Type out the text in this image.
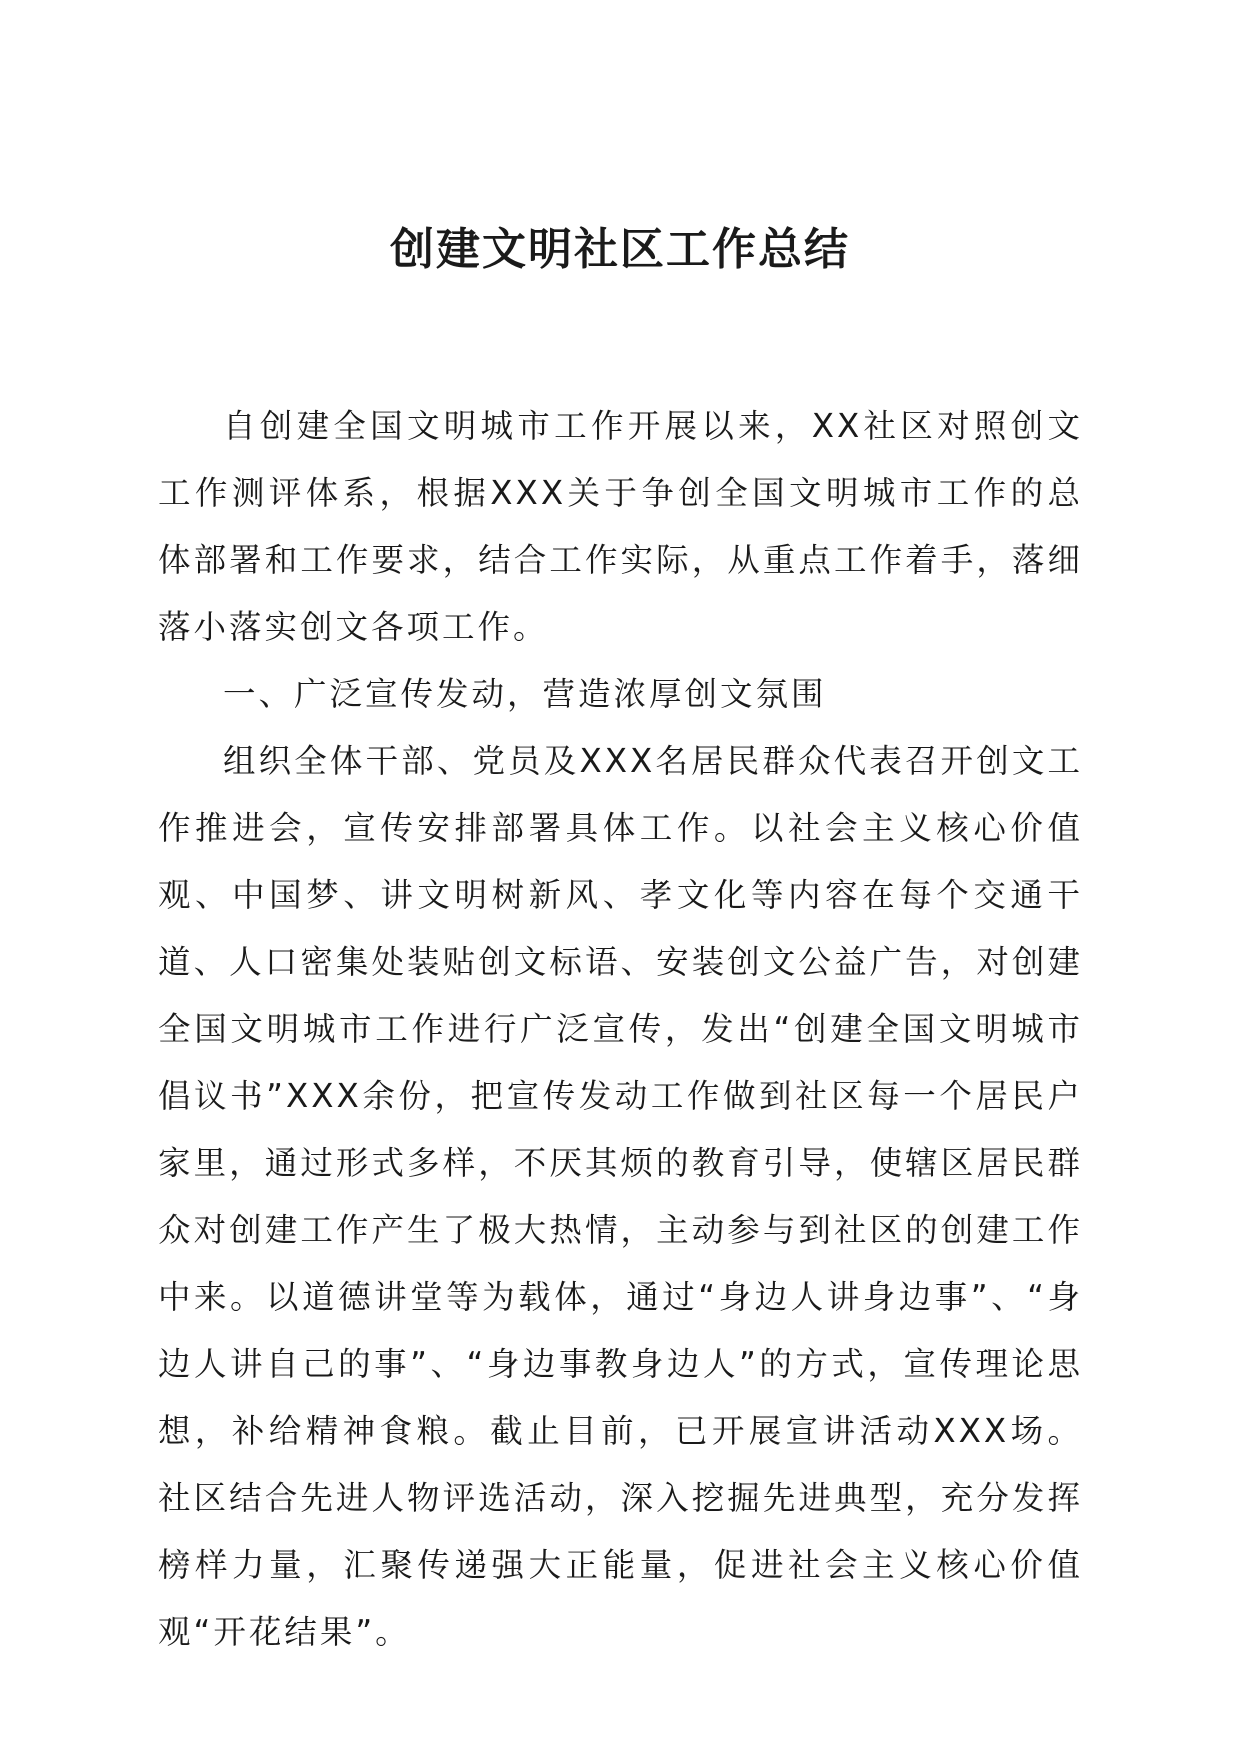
创建文明社区工作总结

自创建全国文明城市工作开展以来，XX社区对照创文工作测评体系，根据XXX关于争创全国文明城市工作的总体部署和工作要求，结合工作实际，从重点工作着手，落细落小落实创文各项工作。

一、广泛宣传发动，营造浓厚创文氛围

组织全体干部、党员及XXX名居民群众代表召开创文工作推进会，宣传安排部署具体工作。以社会主义核心价值观、中国梦、讲文明树新风、孝文化等内容在每个交通干道、人口密集处装贴创文标语、安装创文公益广告，对创建全国文明城市工作进行广泛宣传，发出“创建全国文明城市倡议书”XXX余份，把宣传发动工作做到社区每一个居民户家里，通过形式多样，不厌其烦的教育引导，使辖区居民群众对创建工作产生了极大热情，主动参与到社区的创建工作中来。以道德讲堂等为载体，通过“身边人讲身边事”、“身边人讲自己的事”、“身边事教身边人”的方式，宣传理论思想，补给精神食粮。截止目前，已开展宣讲活动XXX场。社区结合先进人物评选活动，深入挖掘先进典型，充分发挥榜样力量，汇聚传递强大正能量，促进社会主义核心价值观“开花结果”。
